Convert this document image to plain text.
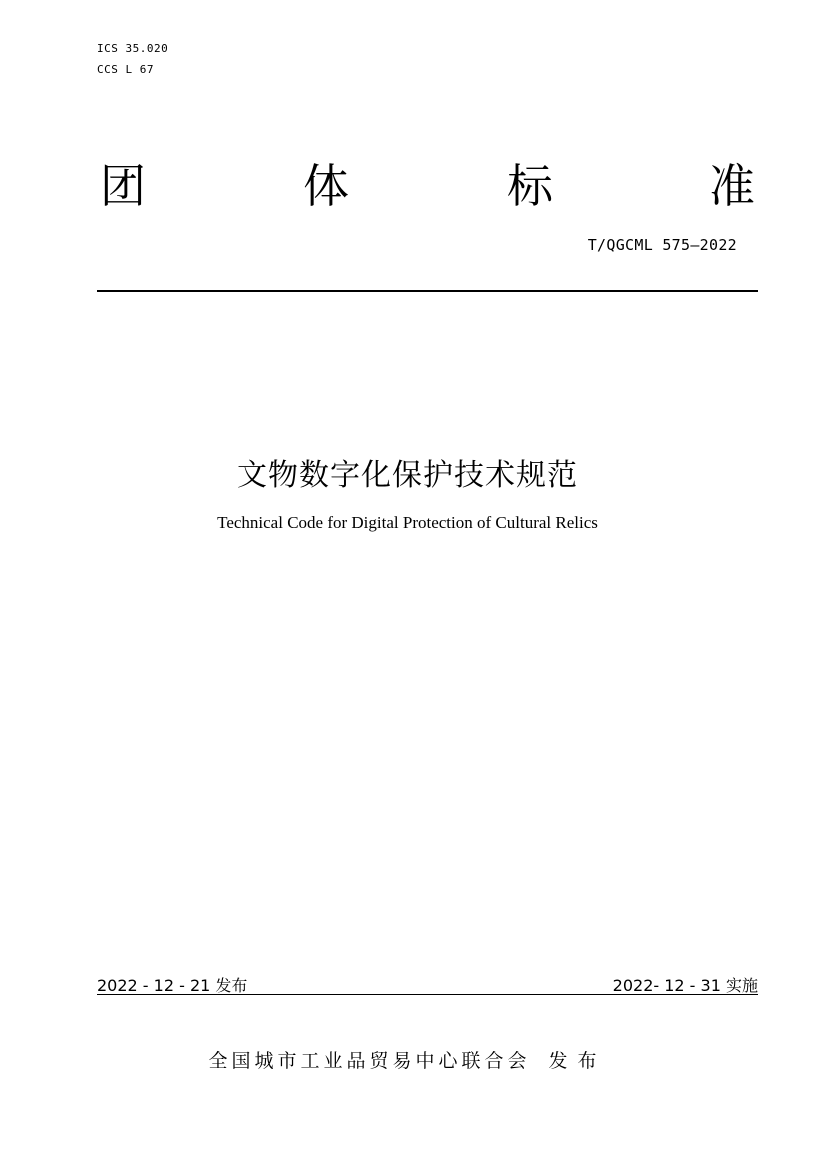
ICS 35.020
CCS L 67
团	体	标	准
T/QGCML 575—2022
文物数字化保护技术规范
Technical Code for Digital Protection of Cultural Relics
2022 - 12 - 21 发布	2022- 12 - 31 实施
全国城市工业品贸易中心联合会 发布
